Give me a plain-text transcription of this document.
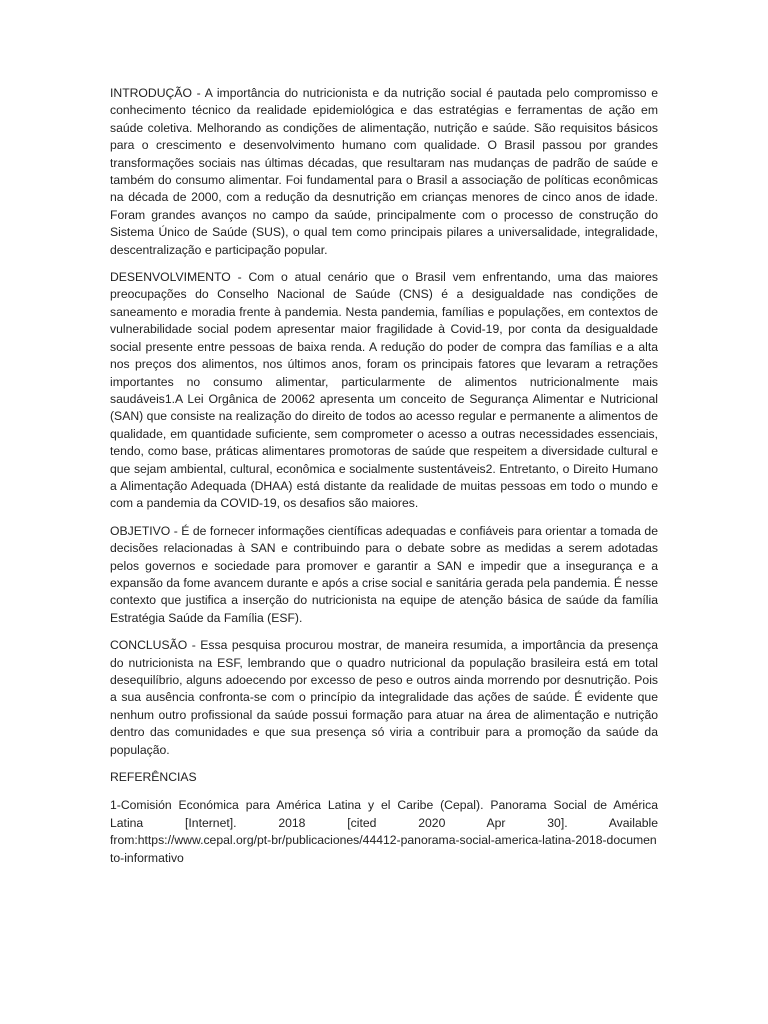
INTRODUÇÃO - A importância do nutricionista e da nutrição social é pautada pelo compromisso e conhecimento técnico da realidade epidemiológica e das estratégias e ferramentas de ação em saúde coletiva. Melhorando as condições de alimentação, nutrição e saúde. São requisitos básicos para o crescimento e desenvolvimento humano com qualidade. O Brasil passou por grandes transformações sociais nas últimas décadas, que resultaram nas mudanças de padrão de saúde e também do consumo alimentar. Foi fundamental para o Brasil a associação de políticas econômicas na década de 2000, com a redução da desnutrição em crianças menores de cinco anos de idade. Foram grandes avanços no campo da saúde, principalmente com o processo de construção do Sistema Único de Saúde (SUS), o qual tem como principais pilares a universalidade, integralidade, descentralização e participação popular.

DESENVOLVIMENTO - Com o atual cenário que o Brasil vem enfrentando, uma das maiores preocupações do Conselho Nacional de Saúde (CNS) é a desigualdade nas condições de saneamento e moradia frente à pandemia. Nesta pandemia, famílias e populações, em contextos de vulnerabilidade social podem apresentar maior fragilidade à Covid-19, por conta da desigualdade social presente entre pessoas de baixa renda. A redução do poder de compra das famílias e a alta nos preços dos alimentos, nos últimos anos, foram os principais fatores que levaram a retrações importantes no consumo alimentar, particularmente de alimentos nutricionalmente mais saudáveis1.A Lei Orgânica de 20062 apresenta um conceito de Segurança Alimentar e Nutricional (SAN) que consiste na realização do direito de todos ao acesso regular e permanente a alimentos de qualidade, em quantidade suficiente, sem comprometer o acesso a outras necessidades essenciais, tendo, como base, práticas alimentares promotoras de saúde que respeitem a diversidade cultural e que sejam ambiental, cultural, econômica e socialmente sustentáveis2. Entretanto, o Direito Humano a Alimentação Adequada (DHAA) está distante da realidade de muitas pessoas em todo o mundo e com a pandemia da COVID-19, os desafios são maiores.

OBJETIVO - É de fornecer informações científicas adequadas e confiáveis para orientar a tomada de decisões relacionadas à SAN e contribuindo para o debate sobre as medidas a serem adotadas pelos governos e sociedade para promover e garantir a SAN e impedir que a insegurança e a expansão da fome avancem durante e após a crise social e sanitária gerada pela pandemia. É nesse contexto que justifica a inserção do nutricionista na equipe de atenção básica de saúde da família Estratégia Saúde da Família (ESF).

CONCLUSÃO - Essa pesquisa procurou mostrar, de maneira resumida, a importância da presença do nutricionista na ESF, lembrando que o quadro nutricional da população brasileira está em total desequilíbrio, alguns adoecendo por excesso de peso e outros ainda morrendo por desnutrição. Pois a sua ausência confronta-se com o princípio da integralidade das ações de saúde. É evidente que nenhum outro profissional da saúde possui formação para atuar na área de alimentação e nutrição dentro das comunidades e que sua presença só viria a contribuir para a promoção da saúde da população.

REFERÊNCIAS

1-Comisión Económica para América Latina y el Caribe (Cepal). Panorama Social de América
Latina [Internet]. 2018 [cited 2020 Apr 30]. Available
from:https://www.cepal.org/pt-br/publicaciones/44412-panorama-social-america-latina-2018-documento-informativo
